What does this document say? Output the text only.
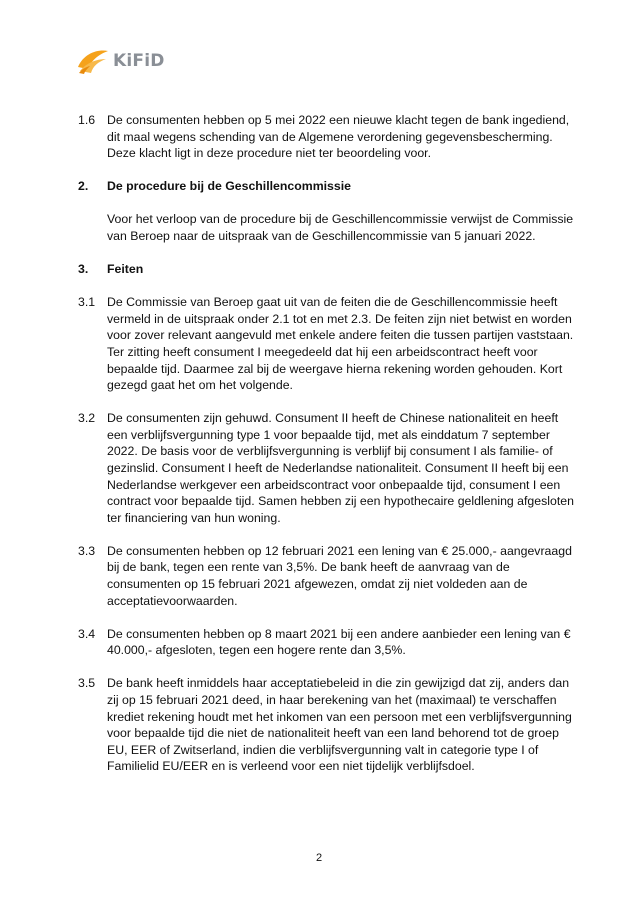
KiFiD
1.6 De consumenten hebben op 5 mei 2022 een nieuwe klacht tegen de bank ingediend, dit maal wegens schending van de Algemene verordening gegevensbescherming. Deze klacht ligt in deze procedure niet ter beoordeling voor.
2.	De procedure bij de Geschillencommissie
Voor het verloop van de procedure bij de Geschillencommissie verwijst de Commissie van Beroep naar de uitspraak van de Geschillencommissie van 5 januari 2022.
3.	Feiten
3.1 De Commissie van Beroep gaat uit van de feiten die de Geschillencommissie heeft vermeld in de uitspraak onder 2.1 tot en met 2.3. De feiten zijn niet betwist en worden voor zover relevant aangevuld met enkele andere feiten die tussen partijen vaststaan. Ter zitting heeft consument I meegedeeld dat hij een arbeidscontract heeft voor bepaalde tijd. Daarmee zal bij de weergave hierna rekening worden gehouden. Kort gezegd gaat het om het volgende.
3.2 De consumenten zijn gehuwd. Consument II heeft de Chinese nationaliteit en heeft een verblijfsvergunning type 1 voor bepaalde tijd, met als einddatum 7 september 2022. De basis voor de verblijfsvergunning is verblijf bij consument I als familie- of gezinslid. Consument I heeft de Nederlandse nationaliteit. Consument II heeft bij een Nederlandse werkgever een arbeidscontract voor onbepaalde tijd, consument I een contract voor bepaalde tijd. Samen hebben zij een hypothecaire geldlening afgesloten ter financiering van hun woning.
3.3 De consumenten hebben op 12 februari 2021 een lening van € 25.000,- aangevraagd bij de bank, tegen een rente van 3,5%. De bank heeft de aanvraag van de consumenten op 15 februari 2021 afgewezen, omdat zij niet voldeden aan de acceptatievoorwaarden.
3.4 De consumenten hebben op 8 maart 2021 bij een andere aanbieder een lening van € 40.000,- afgesloten, tegen een hogere rente dan 3,5%.
3.5 De bank heeft inmiddels haar acceptatiebeleid in die zin gewijzigd dat zij, anders dan zij op 15 februari 2021 deed, in haar berekening van het (maximaal) te verschaffen krediet rekening houdt met het inkomen van een persoon met een verblijfsvergunning voor bepaalde tijd die niet de nationaliteit heeft van een land behorend tot de groep EU, EER of Zwitserland, indien die verblijfsvergunning valt in categorie type I of Familielid EU/EER en is verleend voor een niet tijdelijk verblijfsdoel.
2
